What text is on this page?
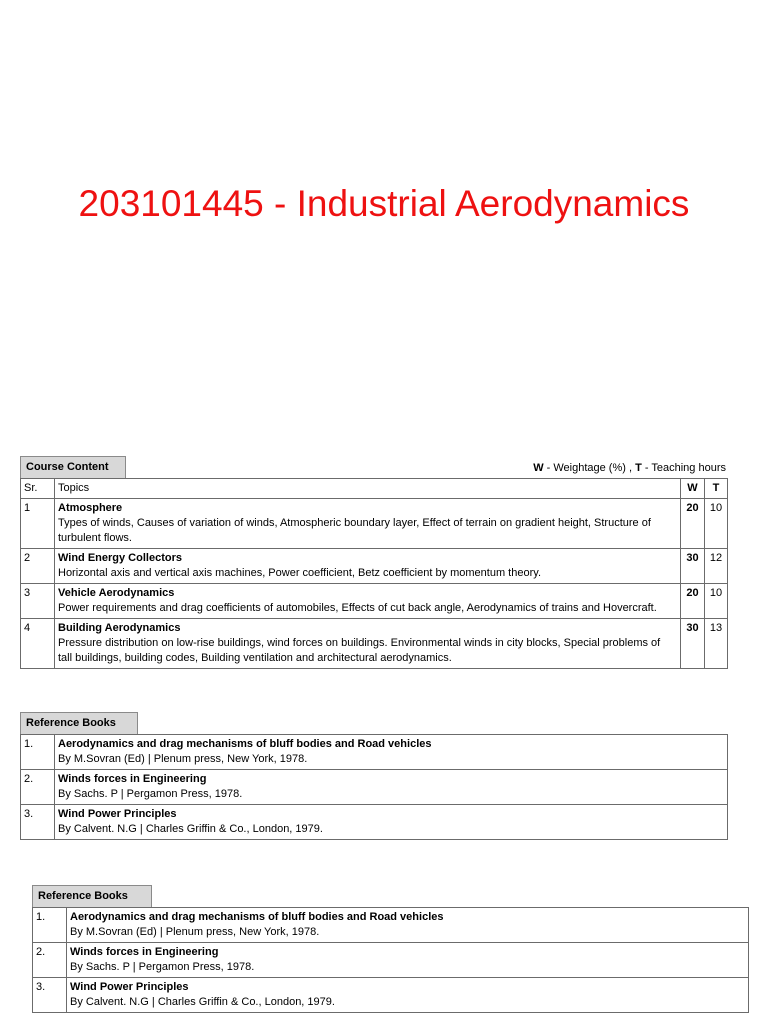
203101445 - Industrial Aerodynamics
Course Content	W - Weightage (%) , T - Teaching hours
Sr.	Topics	W	T
1	Atmosphere
Types of winds, Causes of variation of winds, Atmospheric boundary layer, Effect of terrain on gradient height, Structure of turbulent flows.	20	10
2	Wind Energy Collectors
Horizontal axis and vertical axis machines, Power coefficient, Betz coefficient by momentum theory.	30	12
3	Vehicle Aerodynamics
Power requirements and drag coefficients of automobiles, Effects of cut back angle, Aerodynamics of trains and Hovercraft.	20	10
4	Building Aerodynamics
Pressure distribution on low-rise buildings, wind forces on buildings. Environmental winds in city blocks, Special problems of tall buildings, building codes, Building ventilation and architectural aerodynamics.	30	13
Reference Books
1.	Aerodynamics and drag mechanisms of bluff bodies and Road vehicles
By M.Sovran (Ed) | Plenum press, New York, 1978.

2.	Winds forces in Engineering
By Sachs. P | Pergamon Press, 1978.

3.	Wind Power Principles
By Calvent. N.G | Charles Griffin & Co., London, 1979.
Reference Books
1.	Aerodynamics and drag mechanisms of bluff bodies and Road vehicles
By M.Sovran (Ed) | Plenum press, New York, 1978.

2.	Winds forces in Engineering
By Sachs. P | Pergamon Press, 1978.

3.	Wind Power Principles
By Calvent. N.G | Charles Griffin & Co., London, 1979.
